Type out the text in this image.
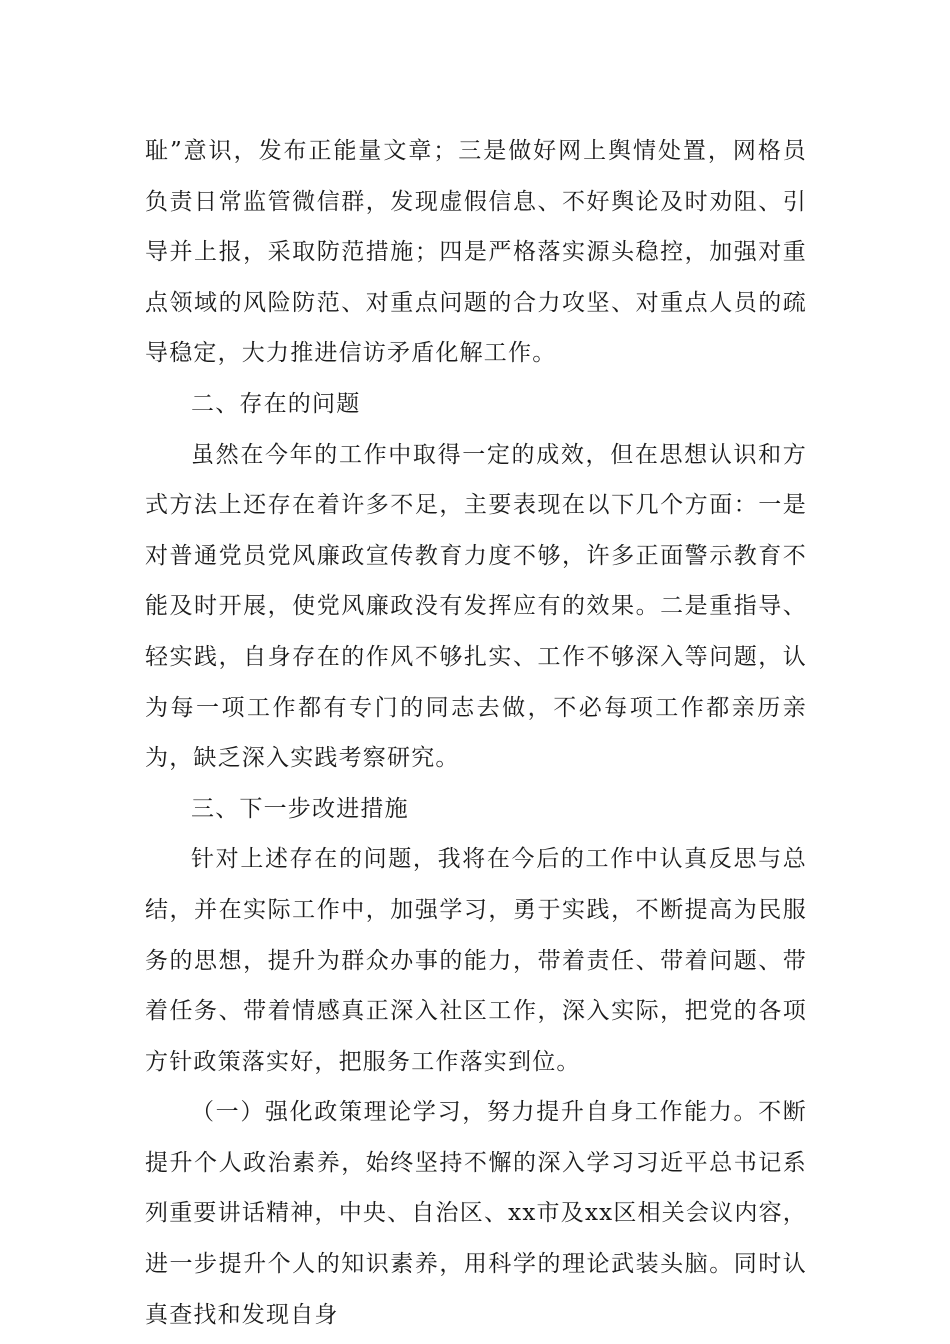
耻”意识，发布正能量文章；三是做好网上舆情处置，网格员负责日常监管微信群，发现虚假信息、不好舆论及时劝阻、引导并上报，采取防范措施；四是严格落实源头稳控，加强对重点领域的风险防范、对重点问题的合力攻坚、对重点人员的疏导稳定，大力推进信访矛盾化解工作。

二、存在的问题

虽然在今年的工作中取得一定的成效，但在思想认识和方式方法上还存在着许多不足，主要表现在以下几个方面：一是对普通党员党风廉政宣传教育力度不够，许多正面警示教育不能及时开展，使党风廉政没有发挥应有的效果。二是重指导、轻实践，自身存在的作风不够扎实、工作不够深入等问题，认为每一项工作都有专门的同志去做，不必每项工作都亲历亲为，缺乏深入实践考察研究。

三、下一步改进措施

针对上述存在的问题，我将在今后的工作中认真反思与总结，并在实际工作中，加强学习，勇于实践，不断提高为民服务的思想，提升为群众办事的能力，带着责任、带着问题、带着任务、带着情感真正深入社区工作，深入实际，把党的各项方针政策落实好，把服务工作落实到位。

（一）强化政策理论学习，努力提升自身工作能力。不断提升个人政治素养，始终坚持不懈的深入学习习近平总书记系列重要讲话精神，中央、自治区、xx市及xx区相关会议内容，进一步提升个人的知识素养，用科学的理论武装头脑。同时认真查找和发现自身
